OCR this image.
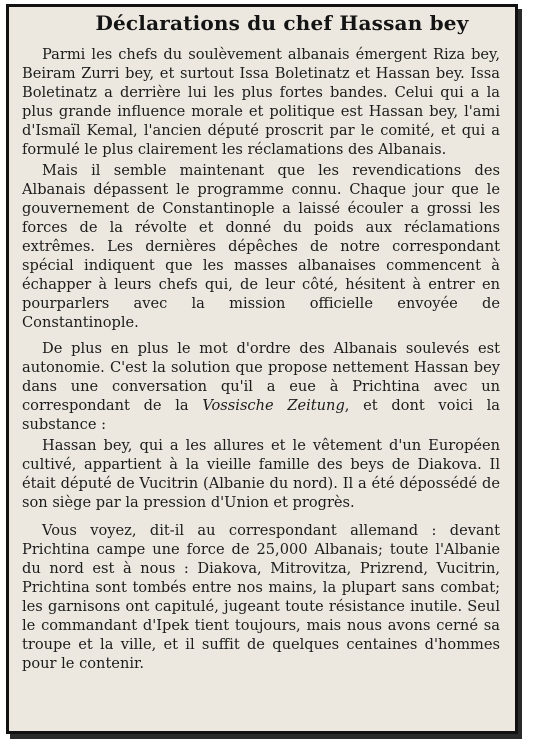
Déclarations du chef Hassan bey

Parmi les chefs du soulèvement albanais émergent Riza bey, Beiram Zurri bey, et surtout Issa Boletinatz et Hassan bey. Issa Boletinatz a derrière lui les plus fortes bandes. Celui qui a la plus grande influence morale et politique est Hassan bey, l'ami d'Ismaïl Kemal, l'ancien député proscrit par le comité, et qui a formulé le plus clairement les réclamations des Albanais.

Mais il semble maintenant que les revendications des Albanais dépassent le programme connu. Chaque jour que le gouvernement de Constantinople a laissé écouler a grossi les forces de la révolte et donné du poids aux réclamations extrêmes. Les dernières dépêches de notre correspondant spécial indiquent que les masses albanaises commencent à échapper à leurs chefs qui, de leur côté, hésitent à entrer en pourparlers avec la mission officielle envoyée de Constantinople.

De plus en plus le mot d'ordre des Albanais soulevés est autonomie. C'est la solution que propose nettement Hassan bey dans une conversation qu'il a eue à Prichtina avec un correspondant de la Vossische Zeitung, et dont voici la substance :

Hassan bey, qui a les allures et le vêtement d'un Européen cultivé, appartient à la vieille famille des beys de Diakova. Il était député de Vucitrin (Albanie du nord). Il a été dépossédé de son siège par la pression d'Union et progrès.

Vous voyez, dit-il au correspondant allemand : devant Prichtina campe une force de 25,000 Albanais; toute l'Albanie du nord est à nous : Diakova, Mitrovitza, Prizrend, Vucitrin, Prichtina sont tombés entre nos mains, la plupart sans combat; les garnisons ont capitulé, jugeant toute résistance inutile. Seul le commandant d'Ipek tient toujours, mais nous avons cerné sa troupe et la ville, et il suffit de quelques centaines d'hommes pour le contenir.
